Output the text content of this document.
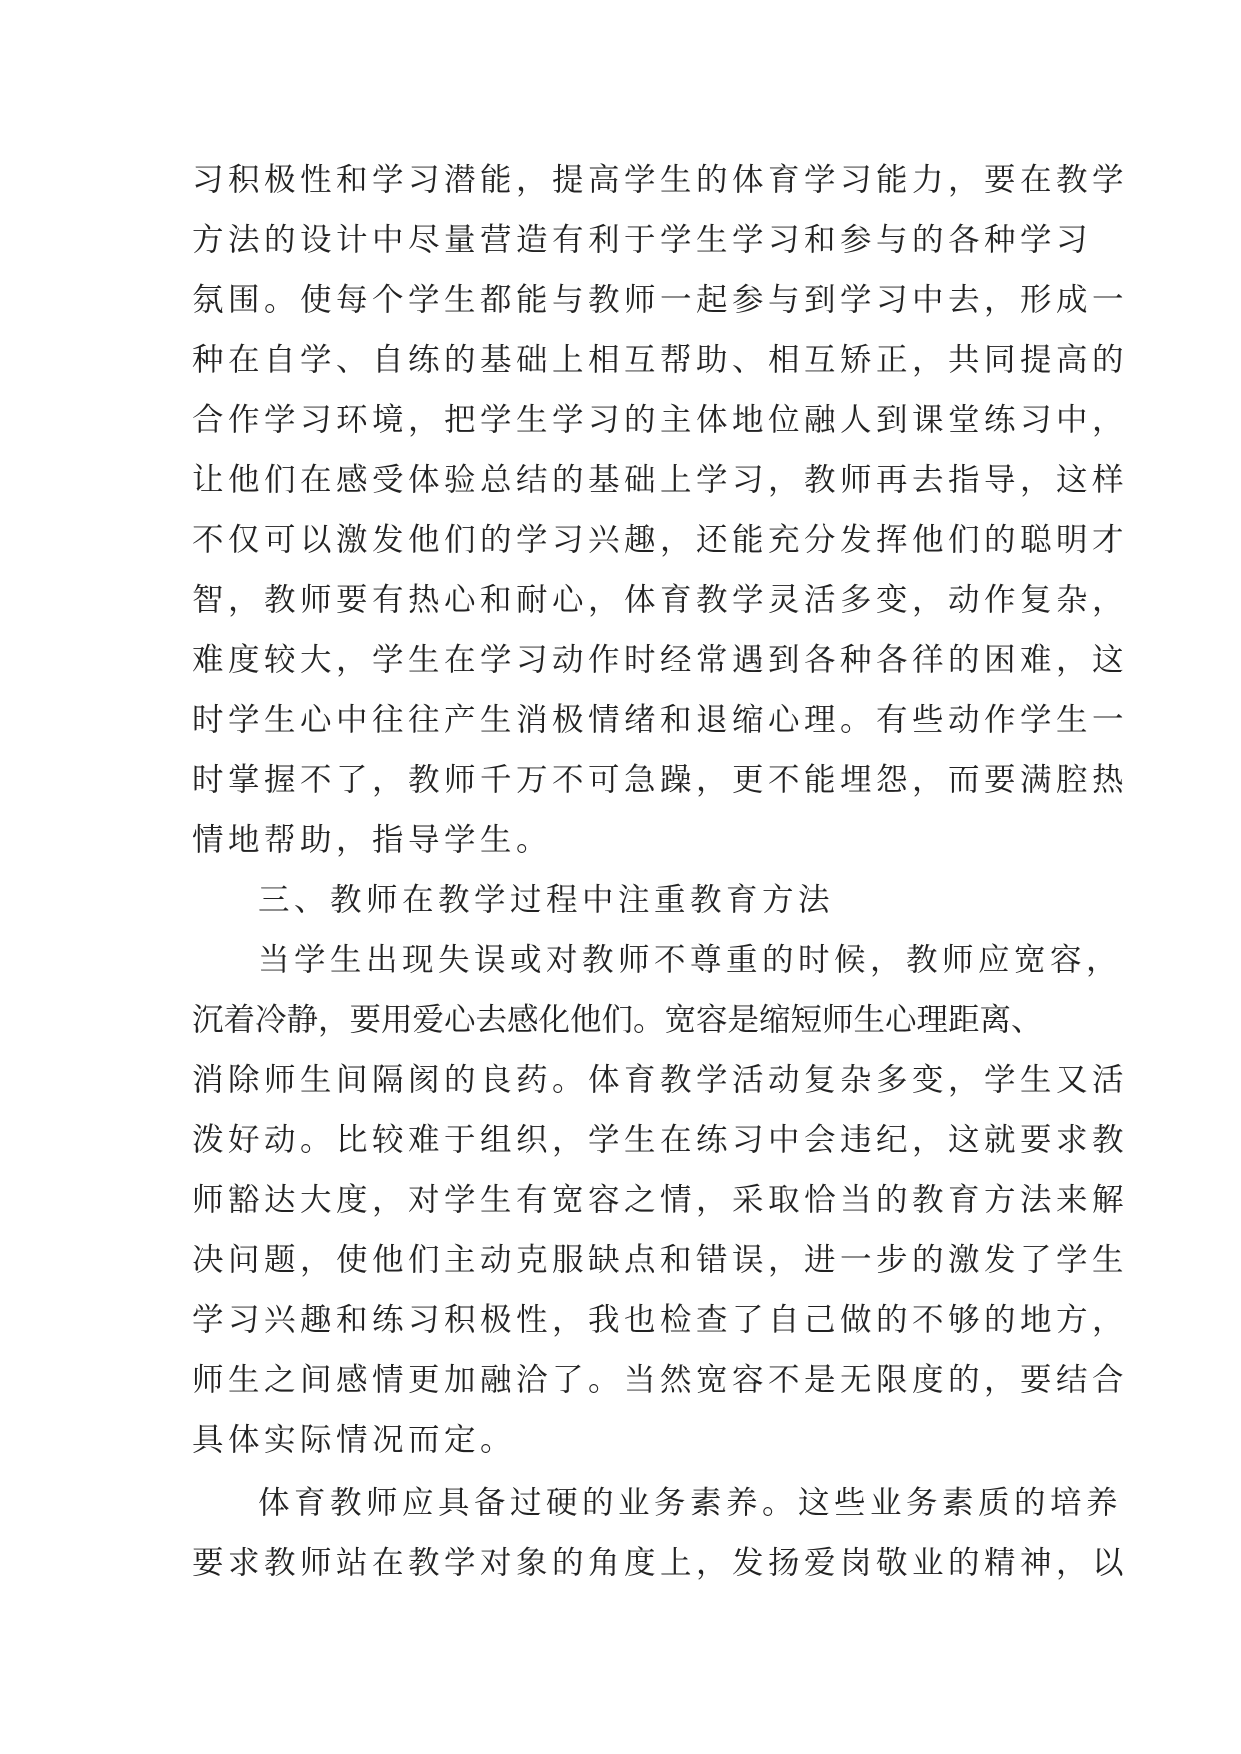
习积极性和学习潜能，提高学生的体育学习能力，要在教学
方法的设计中尽量营造有利于学生学习和参与的各种学习
氛围。使每个学生都能与教师一起参与到学习中去，形成一
种在自学、自练的基础上相互帮助、相互矫正，共同提高的
合作学习环境，把学生学习的主体地位融人到课堂练习中，
让他们在感受体验总结的基础上学习，教师再去指导，这样
不仅可以激发他们的学习兴趣，还能充分发挥他们的聪明才
智，教师要有热心和耐心，体育教学灵活多变，动作复杂，
难度较大，学生在学习动作时经常遇到各种各徉的困难，这
时学生心中往往产生消极情绪和退缩心理。有些动作学生一
时掌握不了，教师千万不可急躁，更不能埋怨，而要满腔热
情地帮助，指导学生。
三、教师在教学过程中注重教育方法
当学生出现失误或对教师不尊重的时候，教师应宽容，
沉着冷静，要用爱心去感化他们。宽容是缩短师生心理距离、
消除师生间隔阂的良药。体育教学活动复杂多变，学生又活
泼好动。比较难于组织，学生在练习中会违纪，这就要求教
师豁达大度，对学生有宽容之情，采取恰当的教育方法来解
决问题，使他们主动克服缺点和错误，进一步的激发了学生
学习兴趣和练习积极性，我也检查了自己做的不够的地方，
师生之间感情更加融洽了。当然宽容不是无限度的，要结合
具体实际情况而定。
体育教师应具备过硬的业务素养。这些业务素质的培养
要求教师站在教学对象的角度上，发扬爱岗敬业的精神，以
